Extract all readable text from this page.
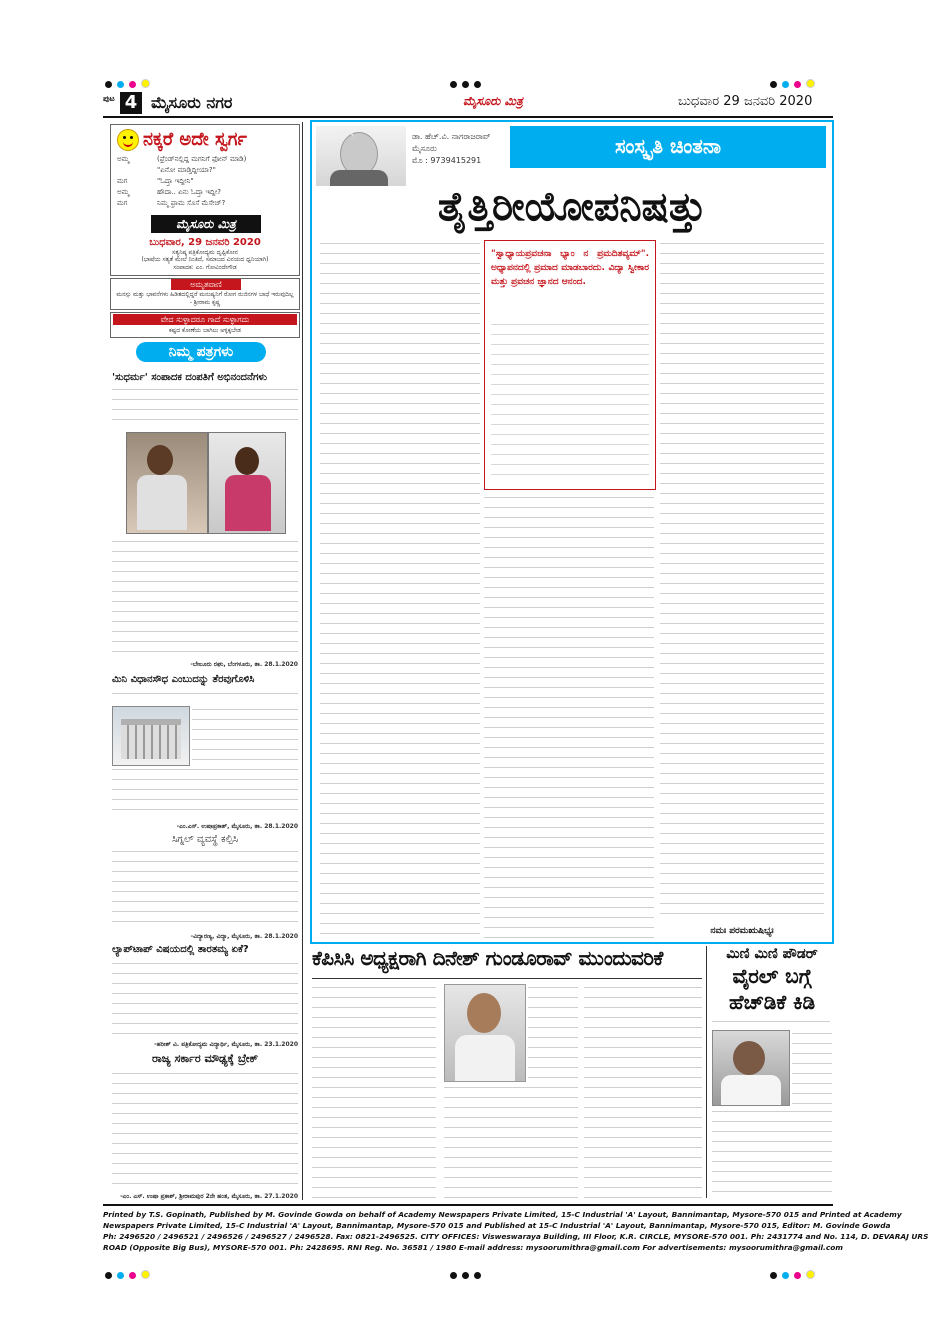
ಪುಟ 4 ಮೈಸೂರು ನಗರ	ಮೈಸೂರು ಮಿತ್ರ	ಬುಧವಾರ 29 ಜನವರಿ 2020
ನಕ್ಕರೆ ಅದೇ ಸ್ವರ್ಗ
ಅಮ್ಮ	(ಫ್ರೆಂಡ್‌ನಲ್ಲಿದ್ದ ಮಗನಿಗೆ ಫೋನ್ ಮಾಡಿ)
"ಏನೋ ಮಾಡ್ತಿದ್ದೀಯಾ?"
ಮಗ	"ಓದ್ತಾ ಇದ್ದೀನಿ"
ಅಮ್ಮ	ಹೌದಾ.. ಏನು ಓದ್ತಾ ಇದ್ದೀ?
ಮಗ	ನಿಮ್ಮ ಫ್ರಾಮ ಸೊಸೆ ಮೆಸೇಜ್?
ಮೈಸೂರು ಮಿತ್ರ
ಬುಧವಾರ, 29 ಜನವರಿ 2020
ಸತ್ಯನಿಷ್ಠ ಪತ್ರಿಕೋದ್ಯಮ ದೃಷ್ಟಿಕೋನ
(ಭಾಷೆಯ ಸತ್ಯತೆ ಮೇಲೆ ನಿಂತಿದೆ, ಸಮಾಜದ ವಿನಯದ ಧ್ವನಿಯಾಗಿ)
ಸಂಪಾದಕ: ಎಂ. ಗೋವಿಂದೇಗೌಡ
ಅಮೃತವಾಣಿ
ಮನಸ್ಸು ಮತ್ತು ಭಾವನೆಗಳು ಹಿಡಿತದಲ್ಲಿದ್ದರೆ ಮನುಷ್ಯನಿಗೆ ರೋಗ ರುಜಿನಗಳ ಬಾಧೆ ಇರುವುದಿಲ್ಲ - ಶ್ರೀರಾಮ ಕೃಷ್ಣ
ವೇದ ಸುಳ್ಳಾದರೂ ಗಾದೆ ಸುಳ್ಳಾಗದು
ಕಷ್ಟದ ಕೋಣೆಯ ಬಾಗಿಲು ಅಳ್ಳಿಕ್ಕಬೇಡ
ನಿಮ್ಮ ಪತ್ರಗಳು
'ಸುಧರ್ಮ' ಸಂಪಾದಕ ದಂಪತಿಗೆ ಅಭಿನಂದನೆಗಳು
-ಬೇಲೂರು ರಘು, ಬೆಂಗಳೂರು, ತಾ. 28.1.2020
ಮಿನಿ ವಿಧಾನಸೌಧ ಎಂಬುದನ್ನು ತೆರವುಗೊಳಿಸಿ
-ಎಂ.ಎಸ್. ಉಷಾಪ್ರಕಾಶ್, ಮೈಸೂರು, ತಾ. 28.1.2020
ಸಿಗ್ನಲ್ ವ್ಯವಸ್ಥೆ ಕಲ್ಪಿಸಿ
-ವಿದ್ಯಾರಣ್ಯ, ವಿದ್ಯಾ, ಮೈಸೂರು, ತಾ. 28.1.2020
ಲ್ಯಾಪ್‌ಟಾಪ್ ವಿಷಯದಲ್ಲಿ ತಾರತಮ್ಯ ಏಕೆ?
-ಹರೀಶ್ ವಿ. ಪತ್ರಿಕೋದ್ಯಮ ವಿದ್ಯಾರ್ಥಿ, ಮೈಸೂರು, ತಾ. 23.1.2020
ರಾಜ್ಯ ಸರ್ಕಾರ ಮೌಢ್ಯಕ್ಕೆ ಬ್ರೇಕ್
-ಎಂ. ಎಸ್. ಉಷಾ ಪ್ರಕಾಶ್, ಶ್ರೀರಾಮಪುರ 2ನೇ ಹಂತ, ಮೈಸೂರು, ತಾ. 27.1.2020
ಡಾ. ಹೆಚ್.ವಿ. ನಾಗರಾಜರಾವ್
ಮೈಸೂರು
ಮೊ : 9739415291
ಸಂಸ್ಕೃತಿ ಚಿಂತನಾ
ತೈತ್ತಿರೀಯೋಪನಿಷತ್ತು
"ಸ್ವಾಧ್ಯಾಯಪ್ರವಚನಾ ಭ್ಯಾಂ ನ ಪ್ರಮದಿತವ್ಯಮ್". ಅಧ್ಯಾಪನದಲ್ಲಿ ಪ್ರಮಾದ ಮಾಡಬಾರದು. ವಿದ್ಯಾ ಸ್ವೀಕಾರ ಮತ್ತು ಪ್ರವಚನ ಜ್ಞಾನದ ಆನಂದ.
ನಮಃ ಪರಮಋಷಿಭ್ಯಃ
ಕೆಪಿಸಿಸಿ ಅಧ್ಯಕ್ಷರಾಗಿ ದಿನೇಶ್ ಗುಂಡೂರಾವ್ ಮುಂದುವರಿಕೆ	ಮಿಣಿ ಮಿಣಿ ಪೌಡರ್
ವೈರಲ್ ಬಗ್ಗೆ
ಹೆಚ್‌ಡಿಕೆ ಕಿಡಿ
Printed by T.S. Gopinath, Published by M. Govinde Gowda on behalf of Academy Newspapers Private Limited, 15-C Industrial 'A' Layout, Bannimantap, Mysore-570 015 and Printed at Academy
Newspapers Private Limited, 15-C Industrial 'A' Layout, Bannimantap, Mysore-570 015 and Published at 15-C Industrial 'A' Layout, Bannimantap, Mysore-570 015, Editor: M. Govinde Gowda
Ph: 2496520 / 2496521 / 2496526 / 2496527 / 2496528. Fax: 0821-2496525. CITY OFFICES: Visweswaraya Building, III Floor, K.R. CIRCLE, MYSORE-570 001. Ph: 2431774 and No. 114, D. DEVARAJ URS
ROAD (Opposite Big Bus), MYSORE-570 001. Ph: 2428695. RNI Reg. No. 36581 / 1980 E-mail address: mysoorumithra@gmail.com For advertisements: mysoorumithra@gmail.com
